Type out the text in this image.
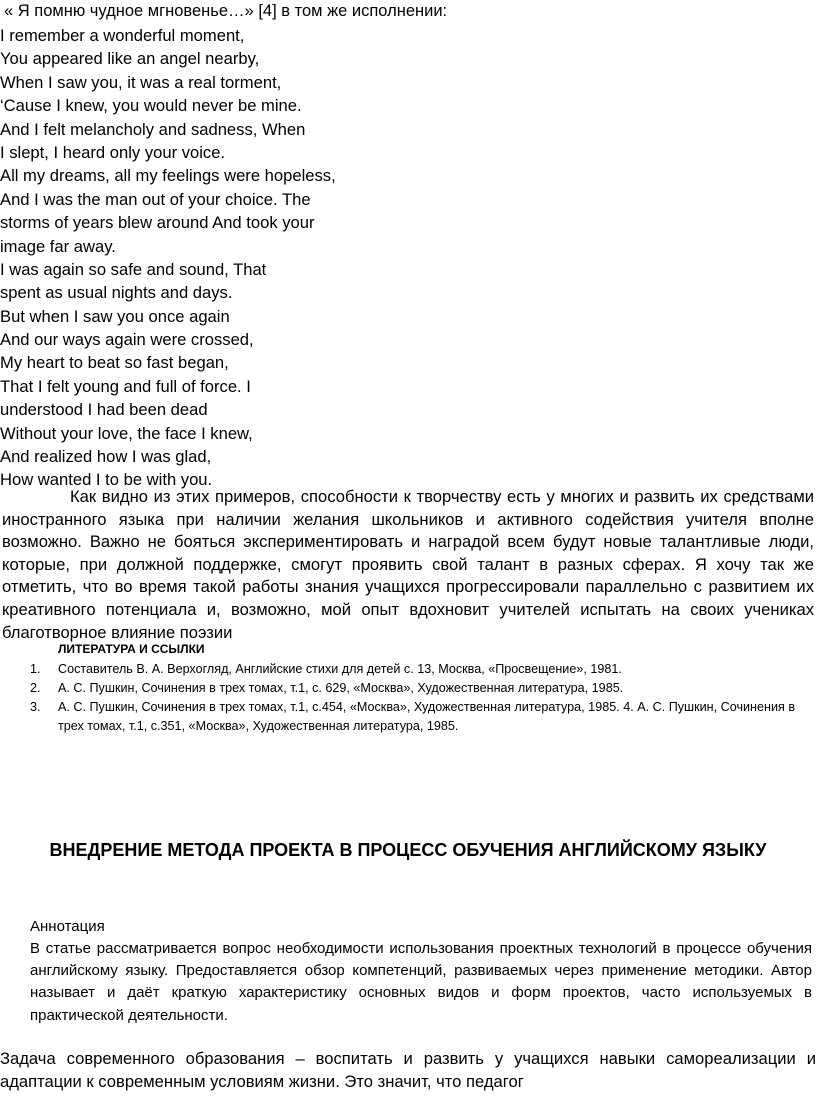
« Я помню чудное мгновенье…» [4] в том же исполнении:
I remember a wonderful moment,
You appeared like an angel nearby,
When I saw you, it was a real torment,
‘Cause I knew, you would never be mine.
And I felt melancholy and sadness, When
I slept, I heard only your voice.
All my dreams, all my feelings were hopeless,
And I was the man out of your choice. The
storms of years blew around And took your
image far away.
I was again so safe and sound, That
spent as usual nights and days.
But when I saw you once again
And our ways again were crossed,
My heart to beat so fast began,
That I felt young and full of force. I
understood I had been dead
Without your love, the face I knew,
And realized how I was glad,
How wanted I to be with you.

Как видно из этих примеров, способности к творчеству есть у многих и развить их средствами иностранного языка при наличии желания школьников и активного содействия учителя вполне возможно. Важно не бояться экспериментировать и наградой всем будут новые талантливые люди, которые, при должной поддержке, смогут проявить свой талант в разных сферах. Я хочу так же отметить, что во время такой работы знания учащихся прогрессировали параллельно с развитием их креативного потенциала и, возможно, мой опыт вдохновит учителей испытать на своих учениках благотворное влияние поэзии

ЛИТЕРАТУРА И ССЫЛКИ
1. Составитель В. А. Верхогляд, Английские стихи для детей с. 13, Москва, «Просвещение», 1981.
2. А. С. Пушкин, Сочинения в трех томах, т.1, с. 629, «Москва», Художественная литература, 1985.
3. А. С. Пушкин, Сочинения в трех томах, т.1, с.454, «Москва», Художественная литература, 1985. 4. А. С. Пушкин, Сочинения в трех томах, т.1, с.351, «Москва», Художественная литература, 1985.
ВНЕДРЕНИЕ МЕТОДА ПРОЕКТА В ПРОЦЕСС ОБУЧЕНИЯ АНГЛИЙСКОМУ ЯЗЫКУ
Аннотация

В статье рассматривается вопрос необходимости использования проектных технологий в процессе обучения английскому языку. Предоставляется обзор компетенций, развиваемых через применение методики. Автор называет и даёт краткую характеристику основных видов и форм проектов, часто используемых в практической деятельности.

Задача современного образования – воспитать и развить у учащихся навыки самореализации и адаптации к современным условиям жизни. Это значит, что педагог
